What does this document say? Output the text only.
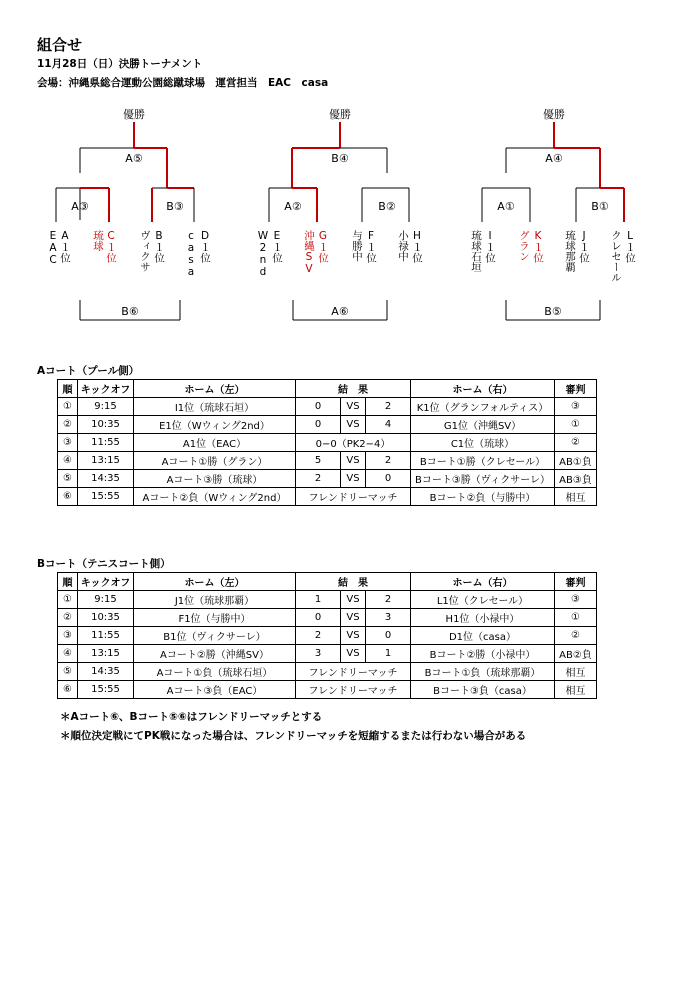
組合せ
11月28日（日）決勝トーナメント
会場：沖縄県総合運動公園総蹴球場　運営担当　EAC　casa
優勝
A⑤
A③	B③
B⑥
EAC A１位 琉球 C１位 ヴィクサ B１位 casa D１位
優勝
B④
A②	B②
A⑥
W2nd E１位 沖縄SV G１位 与勝中 F１位 小禄中 H１位
優勝
A④
A①	B①
B⑤
琉球石垣 I１位 グラン K１位 琉球那覇 J１位 クレセール L１位
Aコート（プール側）
順	キックオフ	ホーム（左）	結　果			ホーム（右）	審判
①	9:15	I1位（琉球石垣）	0	VS	2	K1位（グランフォルティス）	③
②	10:35	E1位（Wウィング2nd）	0	VS	4	G1位（沖縄SV）	①
③	11:55	A1位（EAC）	0−0（PK2−4）			C1位（琉球）	②
④	13:15	Aコート①勝（グラン）	5	VS	2	Bコート①勝（クレセール）	AB①負
⑤	14:35	Aコート③勝（琉球）	2	VS	0	Bコート③勝（ヴィクサーレ）	AB③負
⑥	15:55	Aコート②負（Wウィング2nd）	フレンドリーマッチ			Bコート②負（与勝中）	相互
Bコート（テニスコート側）
順	キックオフ	ホーム（左）	結　果			ホーム（右）	審判
①	9:15	J1位（琉球那覇）	1	VS	2	L1位（クレセール）	③
②	10:35	F1位（与勝中）	0	VS	3	H1位（小禄中）	①
③	11:55	B1位（ヴィクサーレ）	2	VS	0	D1位（casa）	②
④	13:15	Aコート②勝（沖縄SV）	3	VS	1	Bコート②勝（小禄中）	AB②負
⑤	14:35	Aコート①負（琉球石垣）	フレンドリーマッチ			Bコート①負（琉球那覇）	相互
⑥	15:55	Aコート③負（EAC）	フレンドリーマッチ			Bコート③負（casa）	相互
＊Aコート⑥、Bコート⑤⑥はフレンドリーマッチとする
＊順位決定戦にてPK戦になった場合は、フレンドリーマッチを短縮するまたは行わない場合がある
